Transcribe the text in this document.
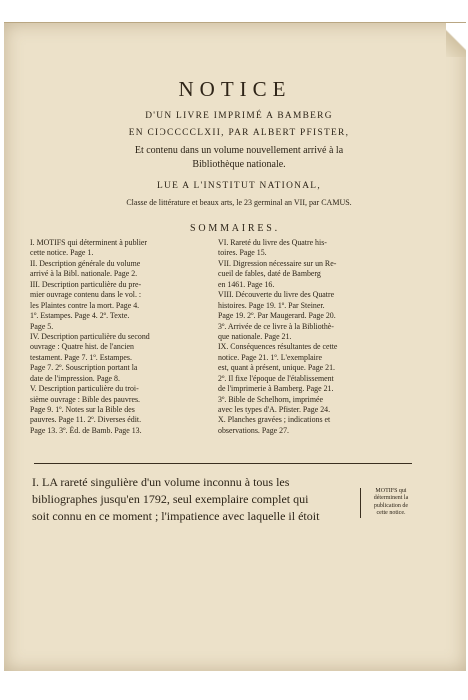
NOTICE
D'UN LIVRE IMPRIMÉ A BAMBERG
EN CIƆCCCCLXII, PAR ALBERT PFISTER,
Et contenu dans un volume nouvellement arrivé à la
Bibliothèque nationale.
LUE A L'INSTITUT NATIONAL,
Classe de littérature et beaux arts, le 23 germinal an VII, par CAMUS.
SOMMAIRES.
I. MOTIFS qui déterminent à publier
cette notice. Page 1.
II. Description générale du volume
arrivé à la Bibl. nationale. Page 2.
III. Description particulière du pre-
mier ouvrage contenu dans le vol. :
les Plaintes contre la mort. Page 4.
1º. Estampes. Page 4. 2º. Texte.
Page 5.
IV. Description particulière du second
ouvrage : Quatre hist. de l'ancien
testament. Page 7. 1º. Estampes.
Page 7. 2º. Souscription portant la
date de l'impression. Page 8.
V. Description particulière du troi-
sième ouvrage : Bible des pauvres.
Page 9. 1º. Notes sur la Bible des
pauvres. Page 11. 2º. Diverses édit.
Page 13. 3º. Éd. de Bamb. Page 13.
VI. Rareté du livre des Quatre his-
toires. Page 15.
VII. Digression nécessaire sur un Re-
cueil de fables, daté de Bamberg
en 1461. Page 16.
VIII. Découverte du livre des Quatre
histoires. Page 19. 1º. Par Steiner.
Page 19. 2º. Par Maugerard. Page 20.
3º. Arrivée de ce livre à la Bibliothè-
que nationale. Page 21.
IX. Conséquences résultantes de cette
notice. Page 21. 1º. L'exemplaire
est, quant à présent, unique. Page 21.
2º. Il fixe l'époque de l'établissement
de l'imprimerie à Bamberg. Page 21.
3º. Bible de Schelhorn, imprimée
avec les types d'A. Pfister. Page 24.
X. Planches gravées ; indications et
observations. Page 27.
I. LA rareté singulière d'un volume inconnu à tous les
bibliographes jusqu'en 1792, seul exemplaire complet qui
soit connu en ce moment ; l'impatience avec laquelle il étoit
MOTIFS qui
déterminent la
publication de
cette notice.
